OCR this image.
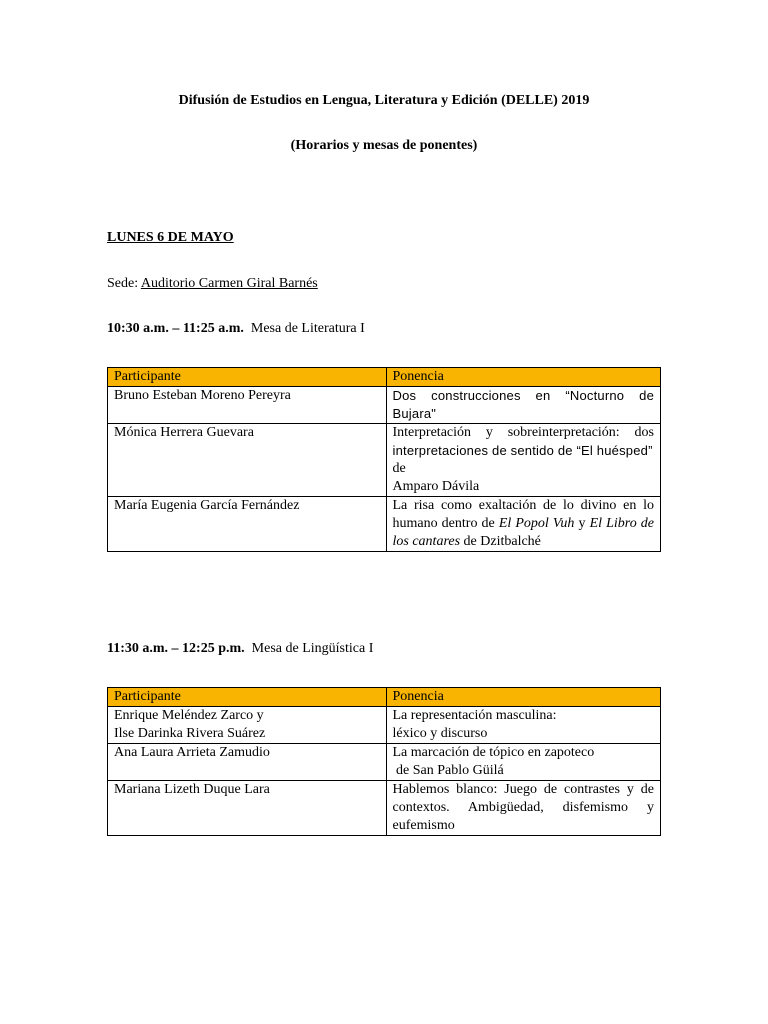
Difusión de Estudios en Lengua, Literatura y Edición (DELLE) 2019
(Horarios y mesas de ponentes)
LUNES 6 DE MAYO
Sede: Auditorio Carmen Giral Barnés
10:30 a.m. – 11:25 a.m. Mesa de Literatura I
Participante	Ponencia
Bruno Esteban Moreno Pereyra	Dos construcciones en “Nocturno de
Bujara"

Mónica Herrera Guevara	Interpretación y sobreinterpretación: dos
interpretaciones de sentido de “El huésped”
de
Amparo Dávila

María Eugenia García Fernández	La risa como exaltación de lo divino en lo humano dentro de El Popol Vuh y El Libro de los cantares de Dzitbalché
11:30 a.m. – 12:25 p.m. Mesa de Lingüística I
Participante	Ponencia

Enrique Meléndez Zarco y
Ilse Darinka Rivera Suárez	La representación masculina:
léxico y discurso

Ana Laura Arrieta Zamudio	La marcación de tópico en zapoteco
de San Pablo Güilá

Mariana Lizeth Duque Lara	Hablemos blanco: Juego de contrastes y de contextos. Ambigüedad, disfemismo y eufemismo
